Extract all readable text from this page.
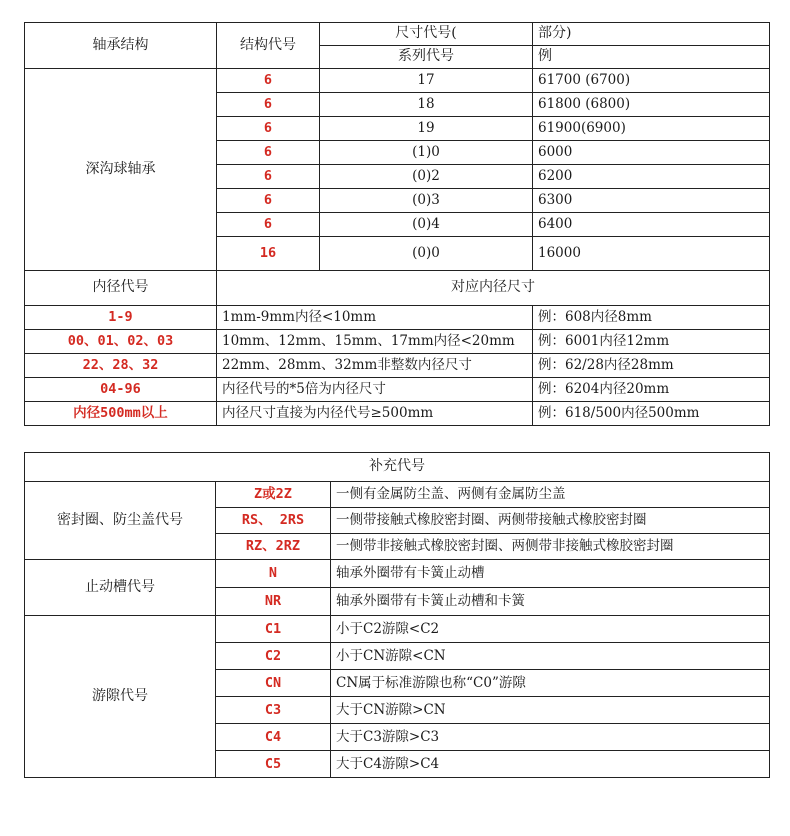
轴承结构	结构代号	尺寸代号(	部分)
		系列代号	例
深沟球轴承	6	17	61700 (6700)
	6	18	61800 (6800)
	6	19	61900(6900)
	6	(1)0	6000
	6	(0)2	6200
	6	(0)3	6300
	6	(0)4	6400
	16	(0)0	16000
内径代号	对应内径尺寸		
1-9	1mm-9mm内径<10mm		例：608内径8mm
00、01、02、03	10mm、12mm、15mm、17mm内径<20mm		例：6001内径12mm
22、28、32	22mm、28mm、32mm非整数内径尺寸		例：62/28内径28mm
04-96	内径代号的*5倍为内径尺寸		例：6204内径20mm
内径500mm以上	内径尺寸直接为内径代号≥500mm		例：618/500内径500mm
补充代号		
密封圈、防尘盖代号	Z或2Z	一侧有金属防尘盖、两侧有金属防尘盖
	RS、 2RS	一侧带接触式橡胶密封圈、两侧带接触式橡胶密封圈
	RZ、2RZ	一侧带非接触式橡胶密封圈、两侧带非接触式橡胶密封圈
止动槽代号	N	轴承外圈带有卡簧止动槽
	NR	轴承外圈带有卡簧止动槽和卡簧
游隙代号	C1	小于C2游隙<C2
	C2	小于CN游隙<CN
	CN	CN属于标准游隙也称“C0”游隙
	C3	大于CN游隙>CN
	C4	大于C3游隙>C3
	C5	大于C4游隙>C4
